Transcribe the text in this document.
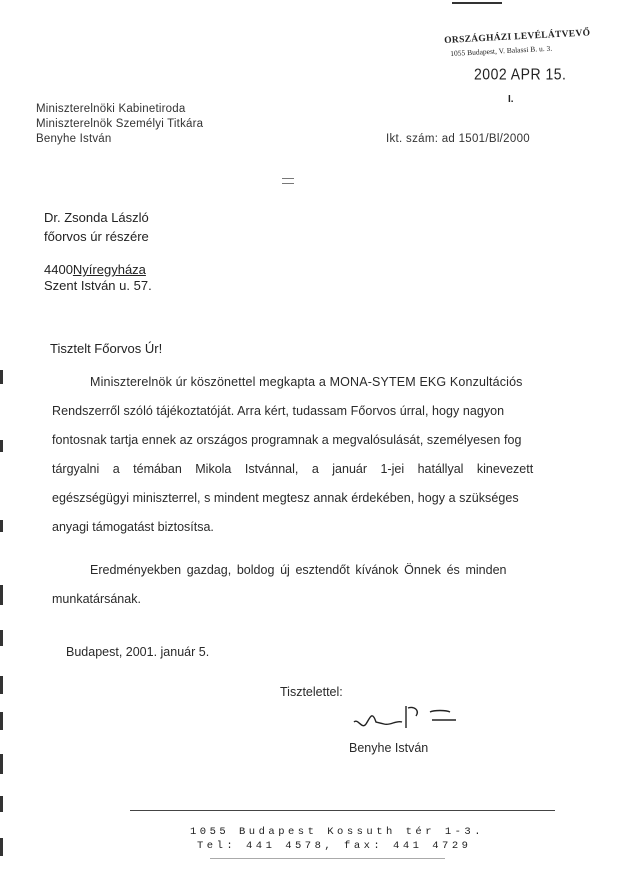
ORSZÁGHÁZI LEVÉLÁTVEVŐ
1055 Budapest, V. Balassi B. u. 3.
2002 APR 15.
I.
Miniszterelnöki Kabinetiroda
Miniszterelnök Személyi Titkára
Benyhe István	Ikt. szám: ad 1501/Bl/2000
Dr. Zsonda László
főorvos úr részére
4400Nyíregyháza
Szent István u. 57.
Tisztelt Főorvos Úr!
Miniszterelnök úr köszönettel megkapta a MONA-SYTEM EKG Konzultációs
Rendszerről szóló tájékoztatóját. Arra kért, tudassam Főorvos úrral, hogy nagyon
fontosnak tartja ennek az országos programnak a megvalósulását, személyesen fog
tárgyalni a témában Mikola Istvánnal, a január 1-jei hatállyal kinevezett
egészségügyi miniszterrel, s mindent megtesz annak érdekében, hogy a szükséges
anyagi támogatást biztosítsa.
Eredményekben gazdag, boldog új esztendőt kívánok Önnek és minden
munkatársának.
Budapest, 2001. január 5.
Tisztelettel:
Benyhe István
1055 Budapest Kossuth tér 1-3.
Tel: 441 4578, fax: 441 4729
